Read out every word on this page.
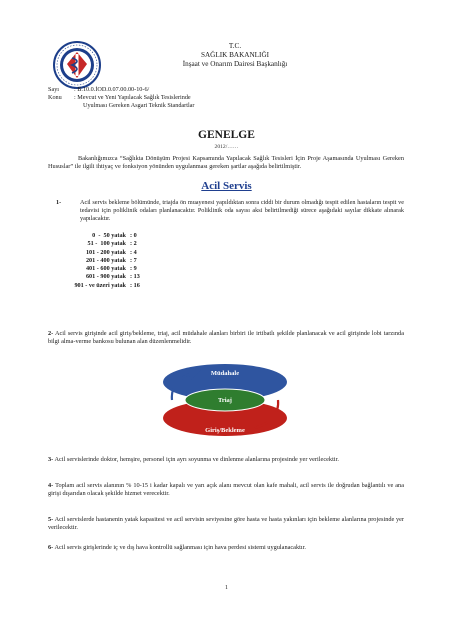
T.C.
SAĞLIK BAKANLIĞI
İnşaat ve Onarım Dairesi Başkanlığı
Sayı : B.10.0.İOD.0.07.00.00-10-6/
Konu : Mevcut ve Yeni Yapılacak Sağlık Tesislerinde
Uyulması Gereken Asgari Teknik Standartlar
GENELGE
2012/……
Bakanlığımızca “Sağlıkta Dönüşüm Projesi Kapsamında Yapılacak Sağlık Tesisleri İçin Proje Aşamasında Uyulması Gereken Hususlar” ile ilgili ihtiyaç ve fonksiyon yönünden uygulanması gereken şartlar aşağıda belirtilmiştir.
Acil Servis
1-	Acil servis bekleme bölümünde, triajda ön muayenesi yapıldıktan sonra ciddi bir durum olmadığı tespit edilen hastaların tespit ve tedavisi için poliklinik odaları planlanacaktır. Poliklinik oda sayısı aksi belirtilmediği sürece aşağıdaki sayılar dikkate alınarak yapılacaktır.
0  -  50 yatak : 0
51 -  100 yatak : 2
101 - 200 yatak : 4
201 - 400 yatak : 7
401 - 600 yatak : 9
601 - 900 yatak : 13
901 - ve üzeri yatak : 16
2- Acil servis girişinde acil giriş/bekleme, triaj, acil müdahale alanları birbiri ile irtibatlı şekilde planlanacak ve acil girişinde lobi tarzında bilgi alma-verme bankosu bulunan alan düzenlenmelidir.
Müdahale
Triaj
Giriş/Bekleme
3- Acil servislerinde doktor, hemşire, personel için ayrı soyunma ve dinlenme alanlarına projesinde yer verilecektir.
4- Toplam acil servis alanının % 10-15 i kadar kapalı ve yarı açık alanı mevcut olan kafe mahali, acil servis ile doğrudan bağlantılı ve ana girişi dışarıdan olacak şekilde hizmet verecektir.
5- Acil servislerde hastanenin yatak kapasitesi ve acil servisin seviyesine göre hasta ve hasta yakınları için bekleme alanlarına projesinde yer verilecektir.
6- Acil servis girişlerinde iç ve dış hava kontrollü sağlanması için hava perdesi sistemi uygulanacaktır.
1
